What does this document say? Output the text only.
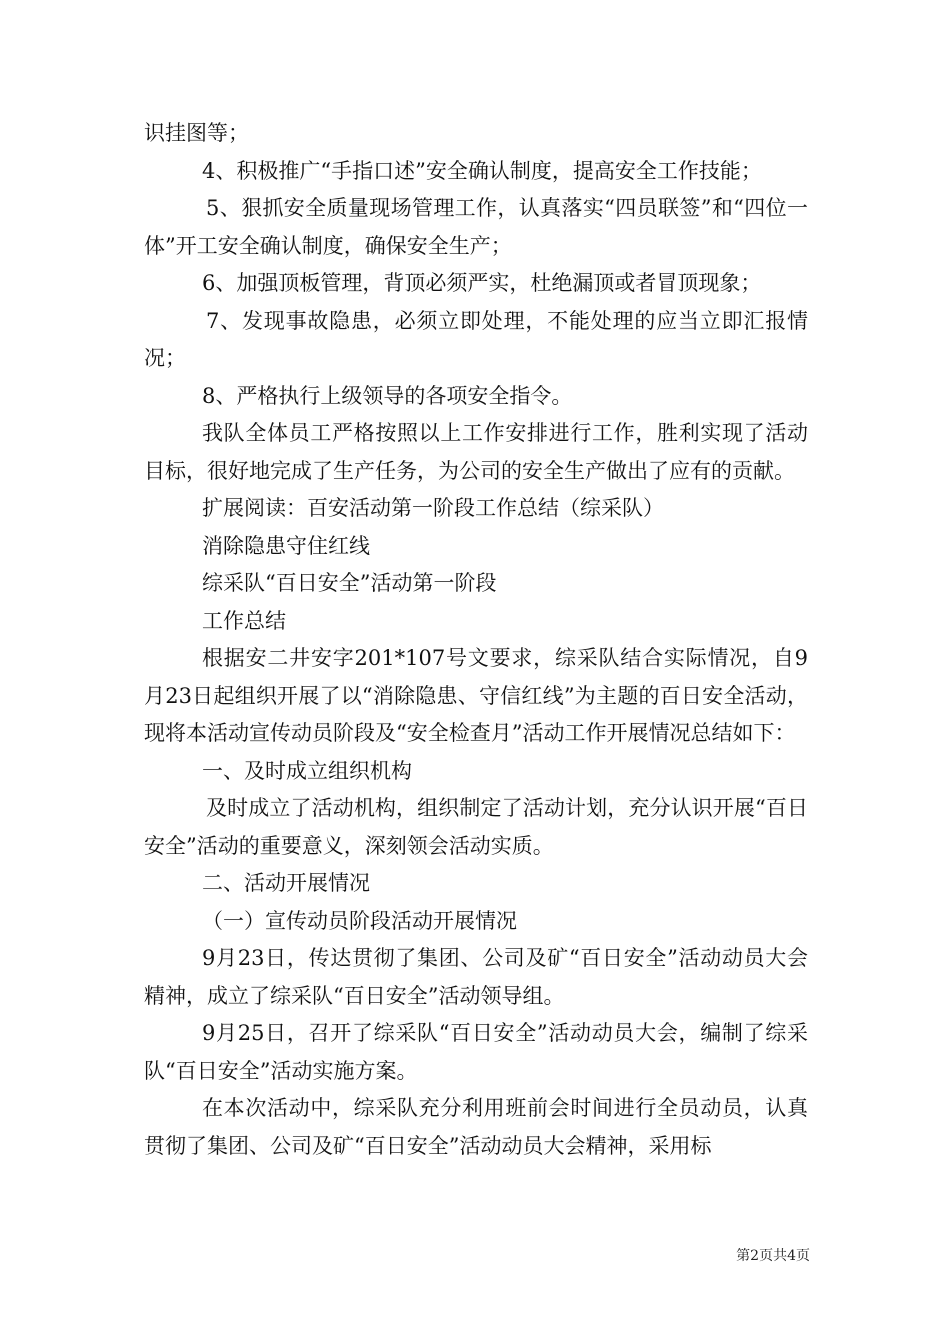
识挂图等；

4、积极推广“手指口述”安全确认制度，提高安全工作技能；

5、狠抓安全质量现场管理工作，认真落实“四员联签”和“四位一体”开工安全确认制度，确保安全生产；

6、加强顶板管理，背顶必须严实，杜绝漏顶或者冒顶现象；

7、发现事故隐患，必须立即处理，不能处理的应当立即汇报情况；

8、严格执行上级领导的各项安全指令。

我队全体员工严格按照以上工作安排进行工作，胜利实现了活动目标，很好地完成了生产任务，为公司的安全生产做出了应有的贡献。

扩展阅读：百安活动第一阶段工作总结（综采队）

消除隐患守住红线

综采队“百日安全”活动第一阶段

工作总结

根据安二井安字201*107号文要求，综采队结合实际情况，自9月23日起组织开展了以“消除隐患、守信红线”为主题的百日安全活动，现将本活动宣传动员阶段及“安全检查月”活动工作开展情况总结如下：

一、及时成立组织机构

及时成立了活动机构，组织制定了活动计划，充分认识开展“百日安全”活动的重要意义，深刻领会活动实质。

二、活动开展情况

（一）宣传动员阶段活动开展情况

9月23日，传达贯彻了集团、公司及矿“百日安全”活动动员大会精神，成立了综采队“百日安全”活动领导组。

9月25日，召开了综采队“百日安全”活动动员大会，编制了综采队“百日安全”活动实施方案。

在本次活动中，综采队充分利用班前会时间进行全员动员，认真贯彻了集团、公司及矿“百日安全”活动动员大会精神，采用标

第2页共4页
